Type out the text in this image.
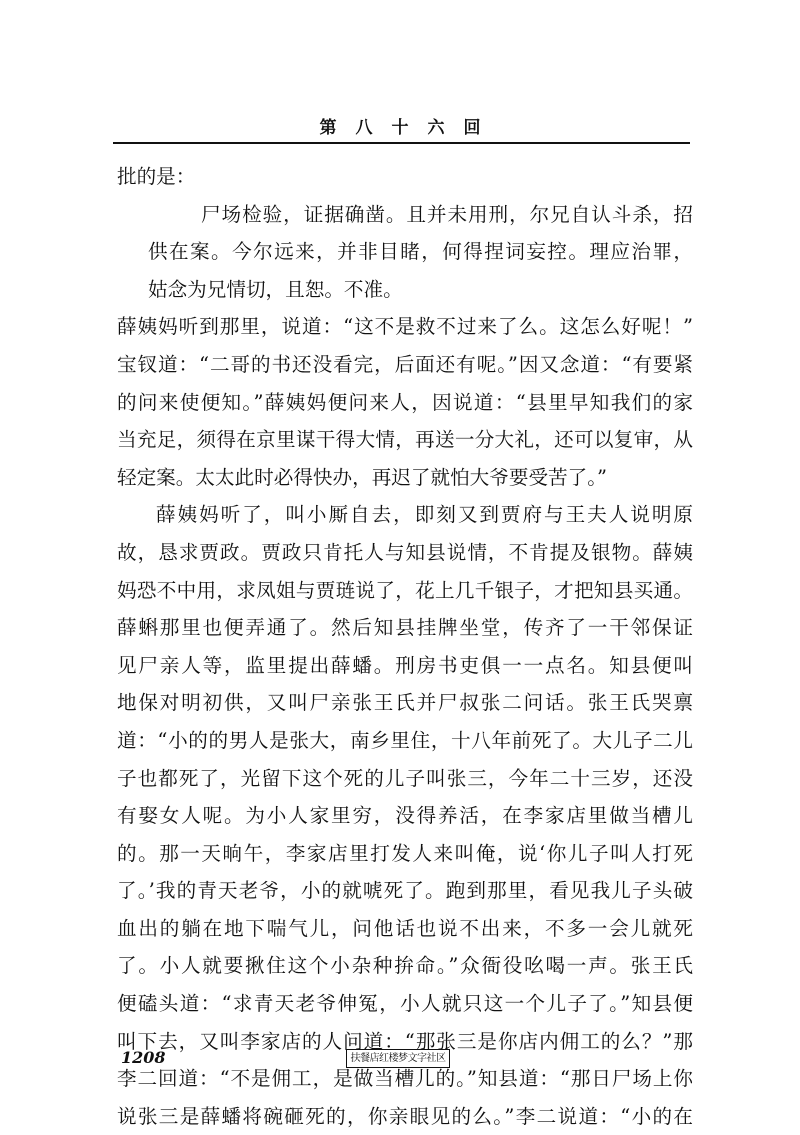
第八十六回
批的是：
尸场检验，证据确凿。且并未用刑，尔兄自认斗杀，招
供在案。今尔远来，并非目睹，何得捏词妄控。理应治罪，
姑念为兄情切，且恕。不准。
薛姨妈听到那里，说道：“这不是救不过来了么。这怎么好呢！”
宝钗道：“二哥的书还没看完，后面还有呢。”因又念道：“有要紧
的问来使便知。”薛姨妈便问来人，因说道：“县里早知我们的家
当充足，须得在京里谋干得大情，再送一分大礼，还可以复审，从
轻定案。太太此时必得快办，再迟了就怕大爷要受苦了。”
薛姨妈听了，叫小厮自去，即刻又到贾府与王夫人说明原
故，恳求贾政。贾政只肯托人与知县说情，不肯提及银物。薛姨
妈恐不中用，求凤姐与贾琏说了，花上几千银子，才把知县买通。
薛蝌那里也便弄通了。然后知县挂牌坐堂，传齐了一干邻保证
见尸亲人等，监里提出薛蟠。刑房书吏俱一一点名。知县便叫
地保对明初供，又叫尸亲张王氏并尸叔张二问话。张王氏哭禀
道：“小的的男人是张大，南乡里住，十八年前死了。大儿子二儿
子也都死了，光留下这个死的儿子叫张三，今年二十三岁，还没
有娶女人呢。为小人家里穷，没得养活，在李家店里做当槽儿
的。那一天晌午，李家店里打发人来叫俺，说‘你儿子叫人打死
了。’我的青天老爷，小的就唬死了。跑到那里，看见我儿子头破
血出的躺在地下喘气儿，问他话也说不出来，不多一会儿就死
了。小人就要揪住这个小杂种拚命。”众衙役吆喝一声。张王氏
便磕头道：“求青天老爷伸冤，小人就只这一个儿子了。”知县便
叫下去，又叫李家店的人问道：“那张三是你店内佣工的么？”那
李二回道：“不是佣工，是做当槽儿的。”知县道：“那日尸场上你
说张三是薛蟠将碗砸死的，你亲眼见的么。”李二说道：“小的在
1208	扶餐店红楼梦文字社区
